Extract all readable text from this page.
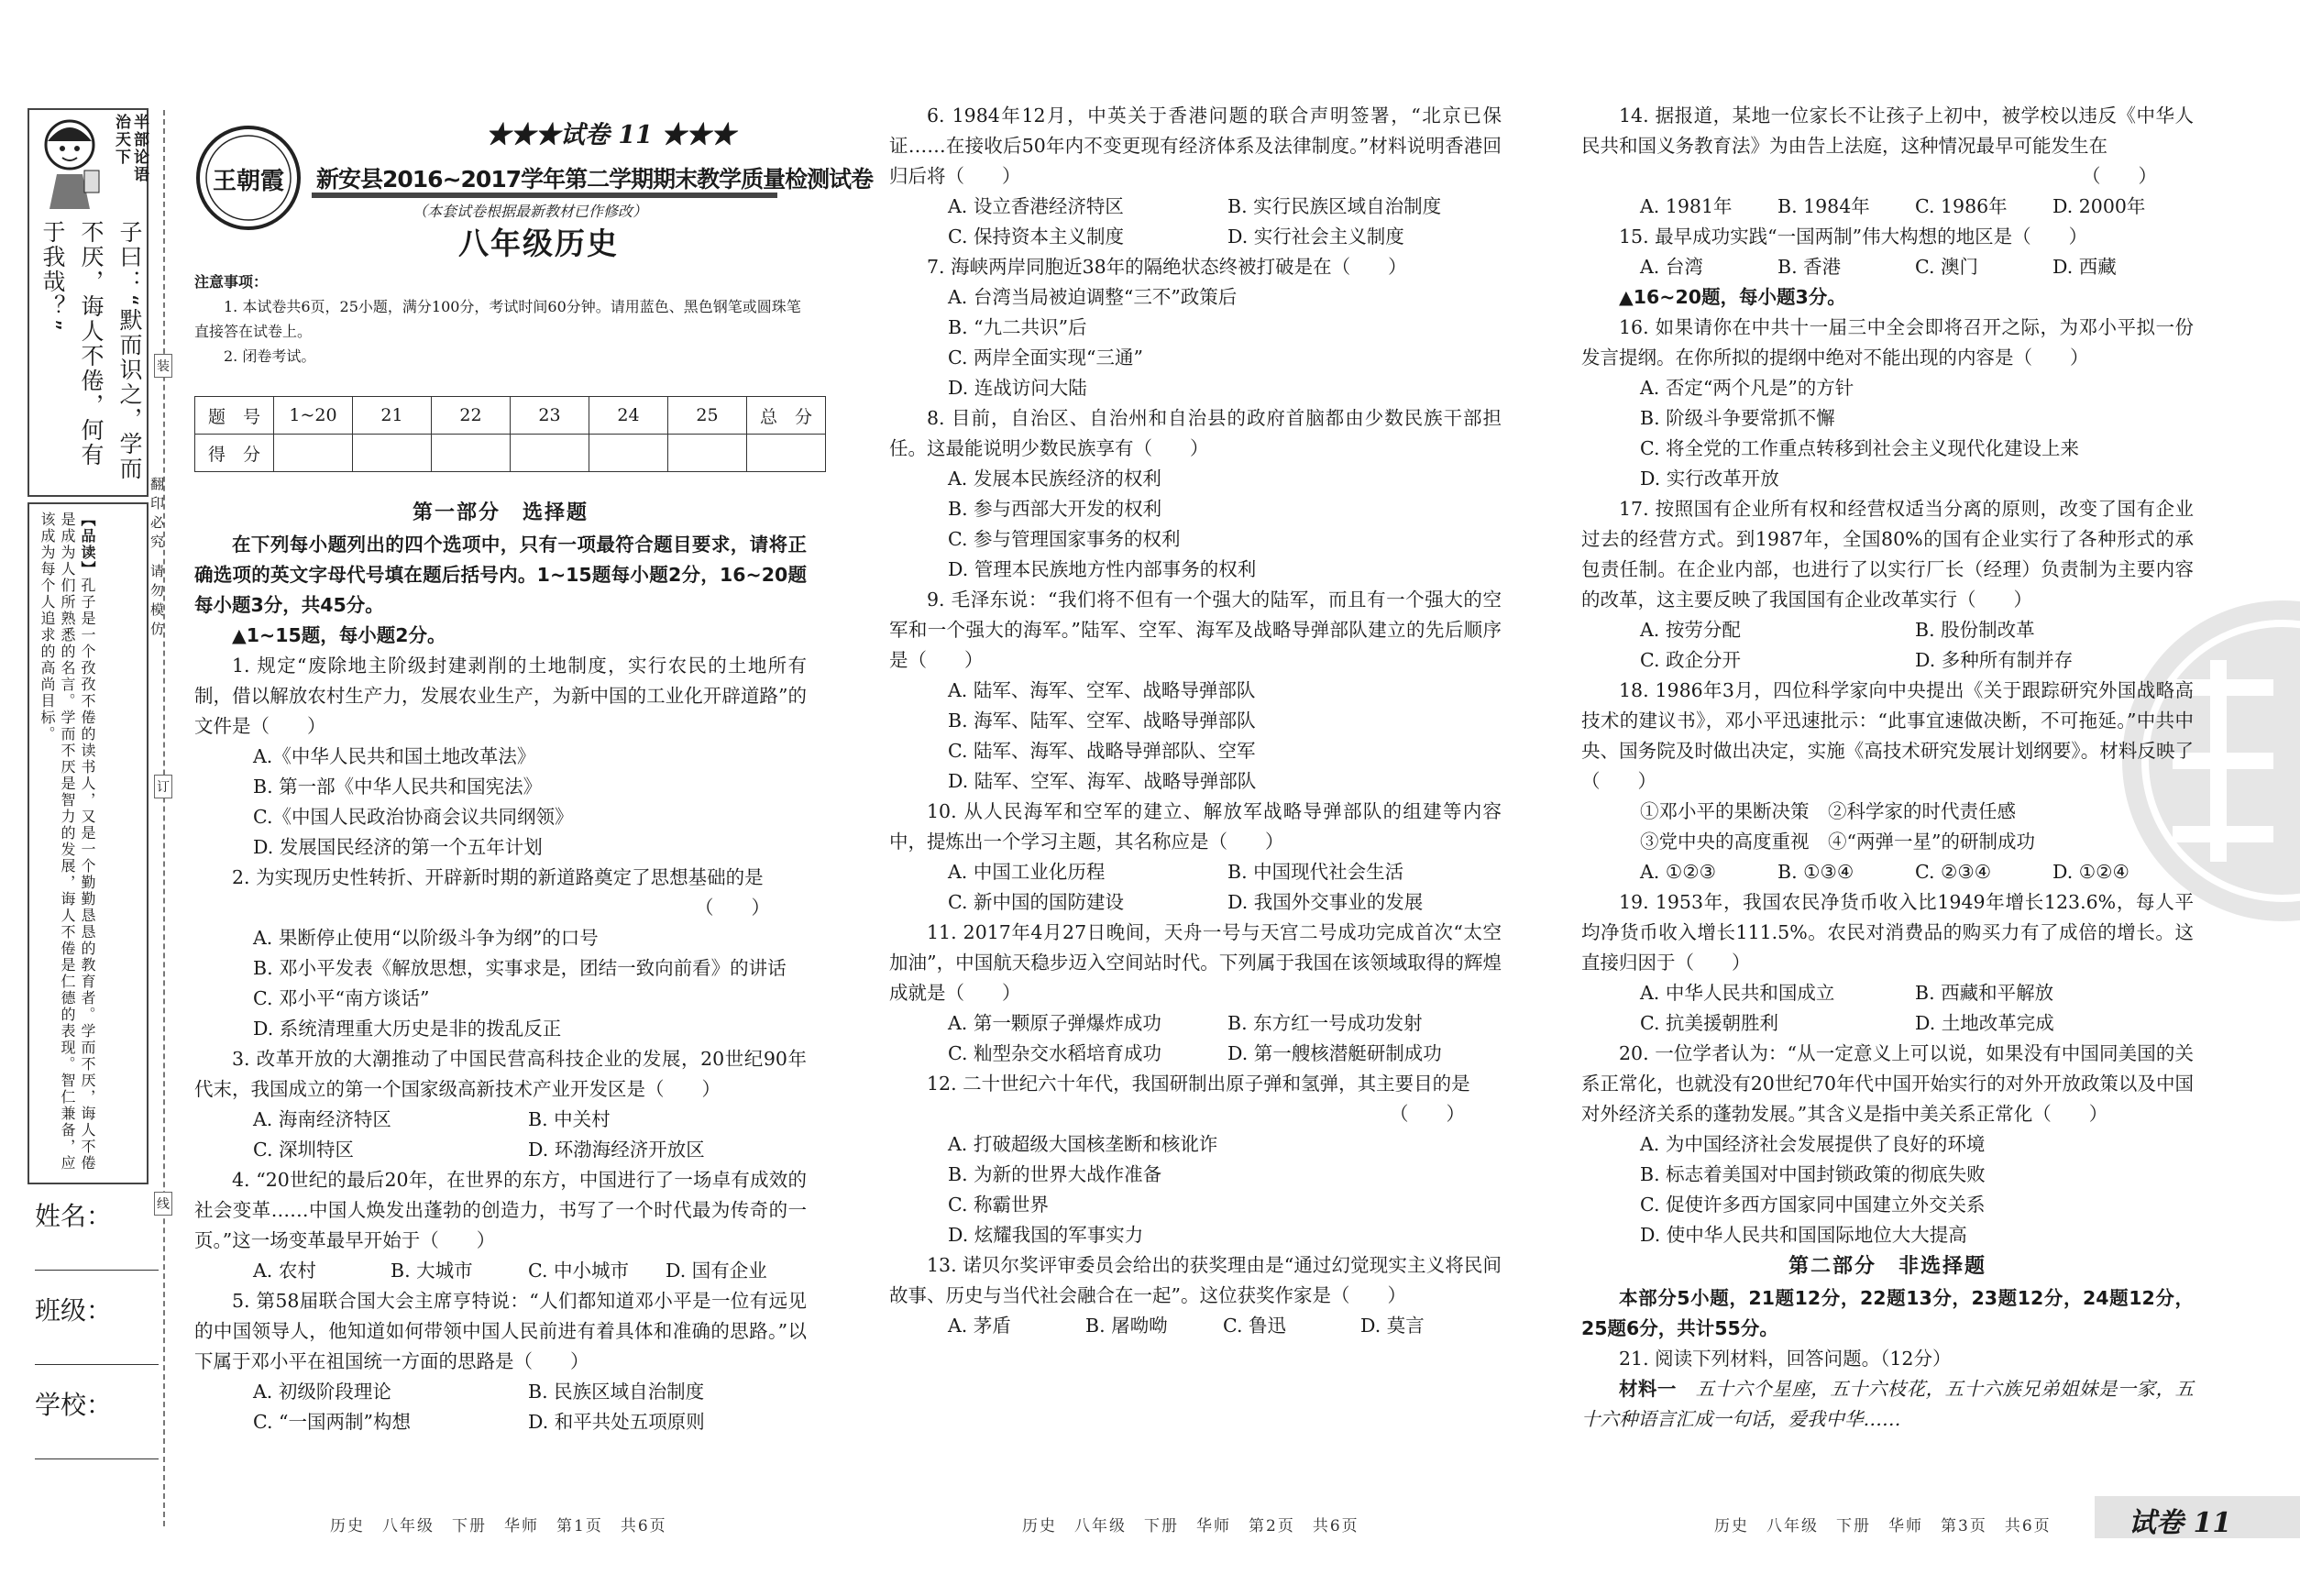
半部论语
治天下
子曰：“默而识之，学而不厌，诲人不倦，何有于我哉？”
【品读】孔子是一个孜孜不倦的读书人，又是一个勤勤恳恳的教育者。学而不厌，诲人不倦是成为人们所熟悉的名言。学而不厌是智力的发展，诲人不倦是仁德的表现。智仁兼备，应该成为每个人追求的高尚目标。
装
订
线
翻印必究 请勿模仿
姓名：
班级：
学校：
王朝霞
★★★试卷 11 ★★★
新安县2016~2017学年第二学期期末教学质量检测试卷
（本套试卷根据最新教材已作修改）
八年级历史
注意事项：
1. 本试卷共6页，25小题，满分100分，考试时间60分钟。请用蓝色、黑色钢笔或圆珠笔直接答在试卷上。
2. 闭卷考试。
题　号	1~20	21	22	23	24	25	总　分
得　分							
第一部分　选择题

在下列每小题列出的四个选项中，只有一项最符合题目要求，请将正确选项的英文字母代号填在题后括号内。1~15题每小题2分，16~20题每小题3分，共45分。

▲1~15题，每小题2分。

1. 规定“废除地主阶级封建剥削的土地制度，实行农民的土地所有制，借以解放农村生产力，发展农业生产，为新中国的工业化开辟道路”的文件是（　　）

A.《中华人民共和国土地改革法》
B. 第一部《中华人民共和国宪法》
C.《中国人民政治协商会议共同纲领》
D. 发展国民经济的第一个五年计划

2. 为实现历史性转折、开辟新时期的新道路奠定了思想基础的是

（　　）
A. 果断停止使用“以阶级斗争为纲”的口号
B. 邓小平发表《解放思想，实事求是，团结一致向前看》的讲话
C. 邓小平“南方谈话”
D. 系统清理重大历史是非的拨乱反正

3. 改革开放的大潮推动了中国民营高科技企业的发展，20世纪90年代末，我国成立的第一个国家级高新技术产业开发区是（　　）

A. 海南经济特区	B. 中关村
C. 深圳特区	D. 环渤海经济开放区

4. “20世纪的最后20年，在世界的东方，中国进行了一场卓有成效的社会变革……中国人焕发出蓬勃的创造力，书写了一个时代最为传奇的一页。”这一场变革最早开始于（　　）

A. 农村	B. 大城市	C. 中小城市	D. 国有企业

5. 第58届联合国大会主席亨特说：“人们都知道邓小平是一位有远见的中国领导人，他知道如何带领中国人民前进有着具体和准确的思路。”以下属于邓小平在祖国统一方面的思路是（　　）

A. 初级阶段理论	B. 民族区域自治制度
C. “一国两制”构想	D. 和平共处五项原则
历史　八年级　下册　华师　第1页　共6页

6. 1984年12月，中英关于香港问题的联合声明签署，“北京已保证……在接收后50年内不变更现有经济体系及法律制度。”材料说明香港回归后将（　　）

A. 设立香港经济特区	B. 实行民族区域自治制度
C. 保持资本主义制度	D. 实行社会主义制度

7. 海峡两岸同胞近38年的隔绝状态终被打破是在（　　）

A. 台湾当局被迫调整“三不”政策后
B. “九二共识”后
C. 两岸全面实现“三通”
D. 连战访问大陆

8. 目前，自治区、自治州和自治县的政府首脑都由少数民族干部担任。这最能说明少数民族享有（　　）

A. 发展本民族经济的权利
B. 参与西部大开发的权利
C. 参与管理国家事务的权利
D. 管理本民族地方性内部事务的权利

9. 毛泽东说：“我们将不但有一个强大的陆军，而且有一个强大的空军和一个强大的海军。”陆军、空军、海军及战略导弹部队建立的先后顺序是（　　）

A. 陆军、海军、空军、战略导弹部队
B. 海军、陆军、空军、战略导弹部队
C. 陆军、海军、战略导弹部队、空军
D. 陆军、空军、海军、战略导弹部队

10. 从人民海军和空军的建立、解放军战略导弹部队的组建等内容中，提炼出一个学习主题，其名称应是（　　）

A. 中国工业化历程	B. 中国现代社会生活
C. 新中国的国防建设	D. 我国外交事业的发展

11. 2017年4月27日晚间，天舟一号与天宫二号成功完成首次“太空加油”，中国航天稳步迈入空间站时代。下列属于我国在该领域取得的辉煌成就是（　　）

A. 第一颗原子弹爆炸成功	B. 东方红一号成功发射
C. 籼型杂交水稻培育成功	D. 第一艘核潜艇研制成功

12. 二十世纪六十年代，我国研制出原子弹和氢弹，其主要目的是

（　　）
A. 打破超级大国核垄断和核讹诈
B. 为新的世界大战作准备
C. 称霸世界
D. 炫耀我国的军事实力

13. 诺贝尔奖评审委员会给出的获奖理由是“通过幻觉现实主义将民间故事、历史与当代社会融合在一起”。这位获奖作家是（　　）

A. 茅盾	B. 屠呦呦	C. 鲁迅	D. 莫言
历史　八年级　下册　华师　第2页　共6页

14. 据报道，某地一位家长不让孩子上初中，被学校以违反《中华人民共和国义务教育法》为由告上法庭，这种情况最早可能发生在

（　　）
A. 1981年	B. 1984年	C. 1986年	D. 2000年

15. 最早成功实践“一国两制”伟大构想的地区是（　　）

A. 台湾	B. 香港	C. 澳门	D. 西藏
▲16~20题，每小题3分。

16. 如果请你在中共十一届三中全会即将召开之际，为邓小平拟一份发言提纲。在你所拟的提纲中绝对不能出现的内容是（　　）

A. 否定“两个凡是”的方针
B. 阶级斗争要常抓不懈
C. 将全党的工作重点转移到社会主义现代化建设上来
D. 实行改革开放

17. 按照国有企业所有权和经营权适当分离的原则，改变了国有企业过去的经营方式。到1987年，全国80%的国有企业实行了各种形式的承包责任制。在企业内部，也进行了以实行厂长（经理）负责制为主要内容的改革，这主要反映了我国国有企业改革实行（　　）

A. 按劳分配	B. 股份制改革
C. 政企分开	D. 多种所有制并存

18. 1986年3月，四位科学家向中央提出《关于跟踪研究外国战略高技术的建议书》，邓小平迅速批示：“此事宜速做决断，不可拖延。”中共中央、国务院及时做出决定，实施《高技术研究发展计划纲要》。材料反映了（　　）

①邓小平的果断决策　②科学家的时代责任感
③党中央的高度重视　④“两弹一星”的研制成功
A. ①②③	B. ①③④	C. ②③④	D. ①②④

19. 1953年，我国农民净货币收入比1949年增长123.6%，每人平均净货币收入增长111.5%。农民对消费品的购买力有了成倍的增长。这直接归因于（　　）

A. 中华人民共和国成立	B. 西藏和平解放
C. 抗美援朝胜利	D. 土地改革完成

20. 一位学者认为：“从一定意义上可以说，如果没有中国同美国的关系正常化，也就没有20世纪70年代中国开始实行的对外开放政策以及中国对外经济关系的蓬勃发展。”其含义是指中美关系正常化（　　）

A. 为中国经济社会发展提供了良好的环境
B. 标志着美国对中国封锁政策的彻底失败
C. 促使许多西方国家同中国建立外交关系
D. 使中华人民共和国国际地位大大提高
第二部分　非选择题

本部分5小题，21题12分，22题13分，23题12分，24题12分，25题6分，共计55分。

21. 阅读下列材料，回答问题。（12分）

材料一　 五十六个星座，五十六枝花，五十六族兄弟姐妹是一家，五十六种语言汇成一句话，爱我中华……

历史　八年级　下册　华师　第3页　共6页	试卷 11
